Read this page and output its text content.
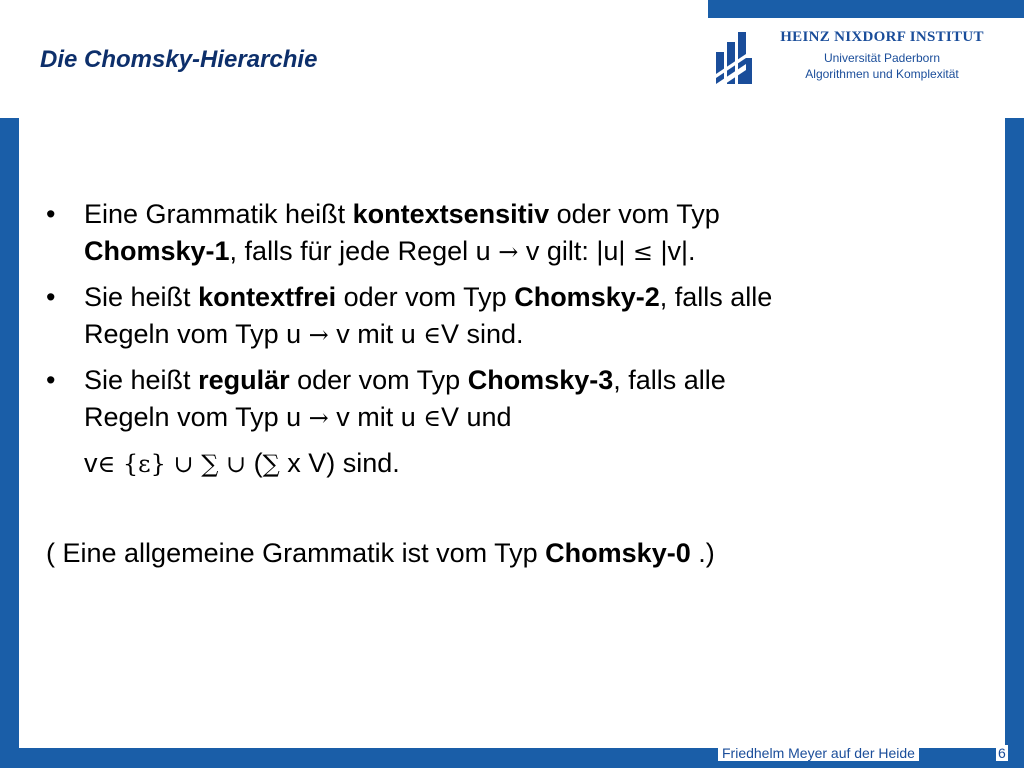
Die Chomsky-Hierarchie
HEINZ NIXDORF INSTITUT
Universität Paderborn
Algorithmen und Komplexität
• Eine Grammatik heißt kontextsensitiv oder vom Typ
Chomsky-1, falls für jede Regel u → v gilt: |u| ≤ |v|.
• Sie heißt kontextfrei oder vom Typ Chomsky-2, falls alle
Regeln vom Typ u → v mit u ∈V sind.
• Sie heißt regulär oder vom Typ Chomsky-3, falls alle
Regeln vom Typ u → v mit u ∈V und
v∈ {ε} ∪ ∑ ∪ (∑ x V) sind.
( Eine allgemeine Grammatik ist vom Typ Chomsky-0 .)
Friedhelm Meyer auf der Heide	6
